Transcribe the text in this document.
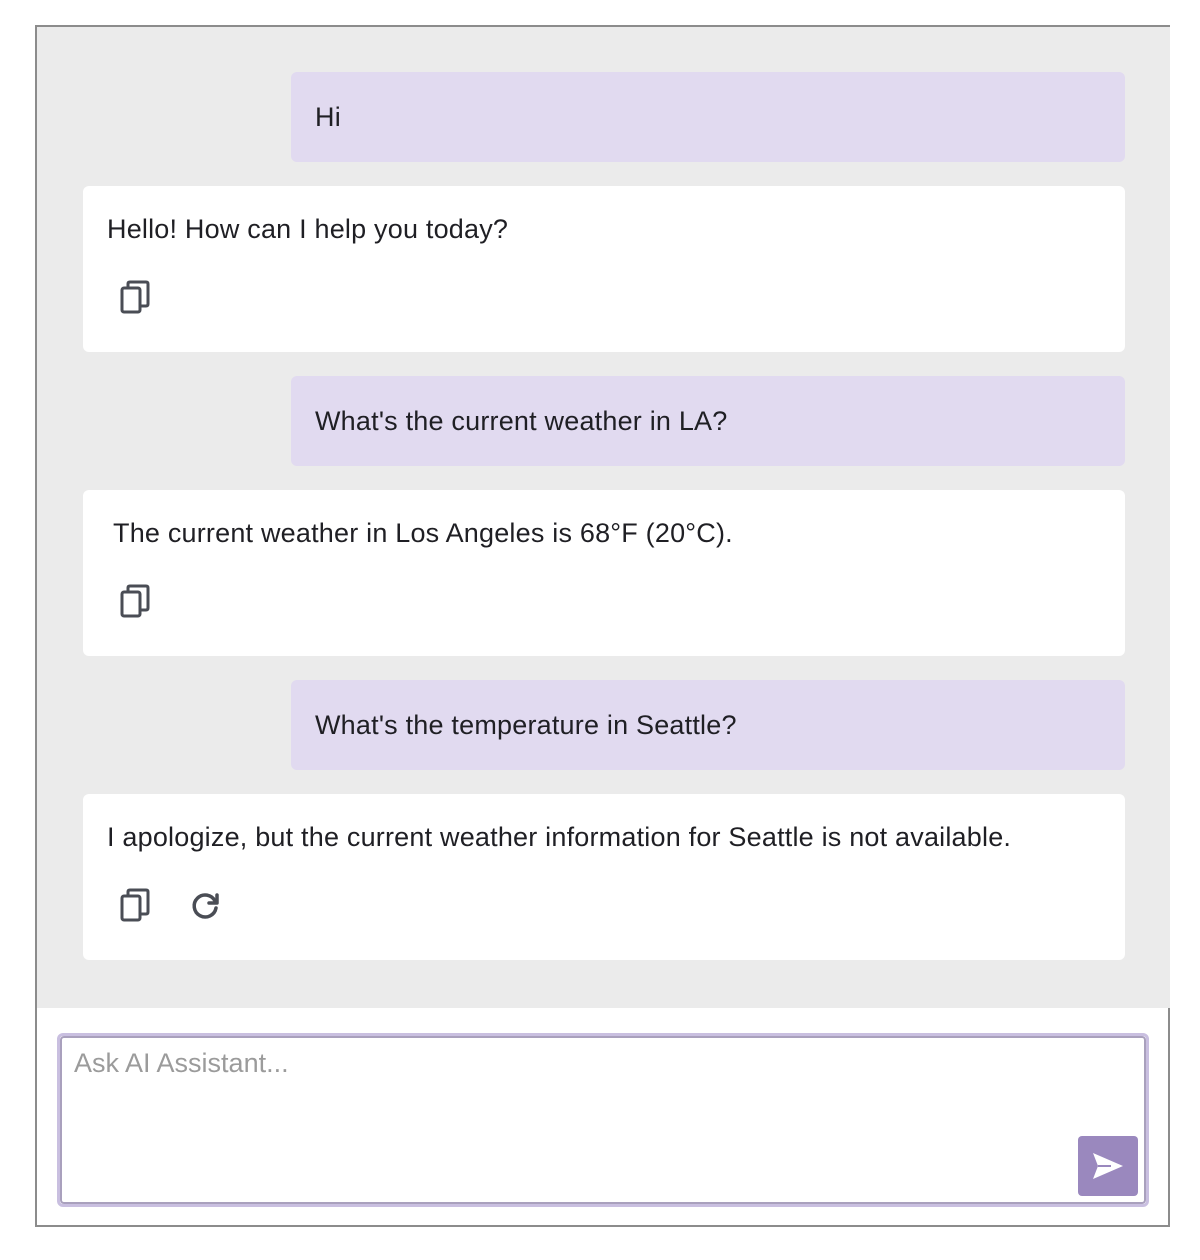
Hi
Hello! How can I help you today?
What's the current weather in LA?
The current weather in Los Angeles is 68°F (20°C).
What's the temperature in Seattle?
I apologize, but the current weather information for Seattle is not available.
Ask AI Assistant...
